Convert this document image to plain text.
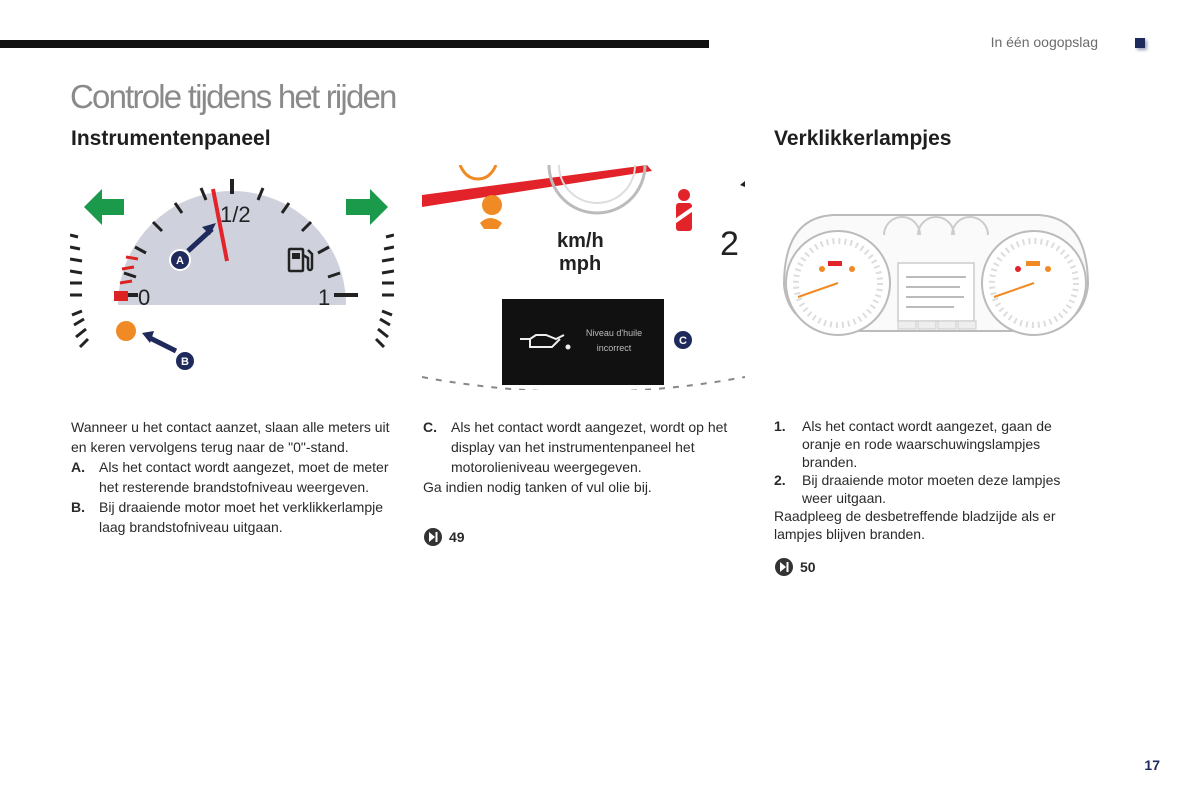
In één oogopslag
Controle tijdens het rijden
Instrumentenpaneel	Verklikkerlampjes
1/2
0	1
A
B
km/h
mph
2
Niveau d'huile
incorrect
C

Wanneer u het contact aanzet, slaan alle meters uit en keren vervolgens terug naar de "0"-stand.

A. Als het contact wordt aangezet, moet de meter het resterende brandstofniveau weergeven.
B. Bij draaiende motor moet het verklikkerlampje laag brandstofniveau uitgaan.
C. Als het contact wordt aangezet, wordt op het display van het instrumentenpaneel het motorolieniveau weergegeven.

Ga indien nodig tanken of vul olie bij.

49
1. Als het contact wordt aangezet, gaan de oranje en rode waarschuwingslampjes branden.
2. Bij draaiende motor moeten deze lampjes weer uitgaan.

Raadpleeg de desbetreffende bladzijde als er lampjes blijven branden.

50
17
